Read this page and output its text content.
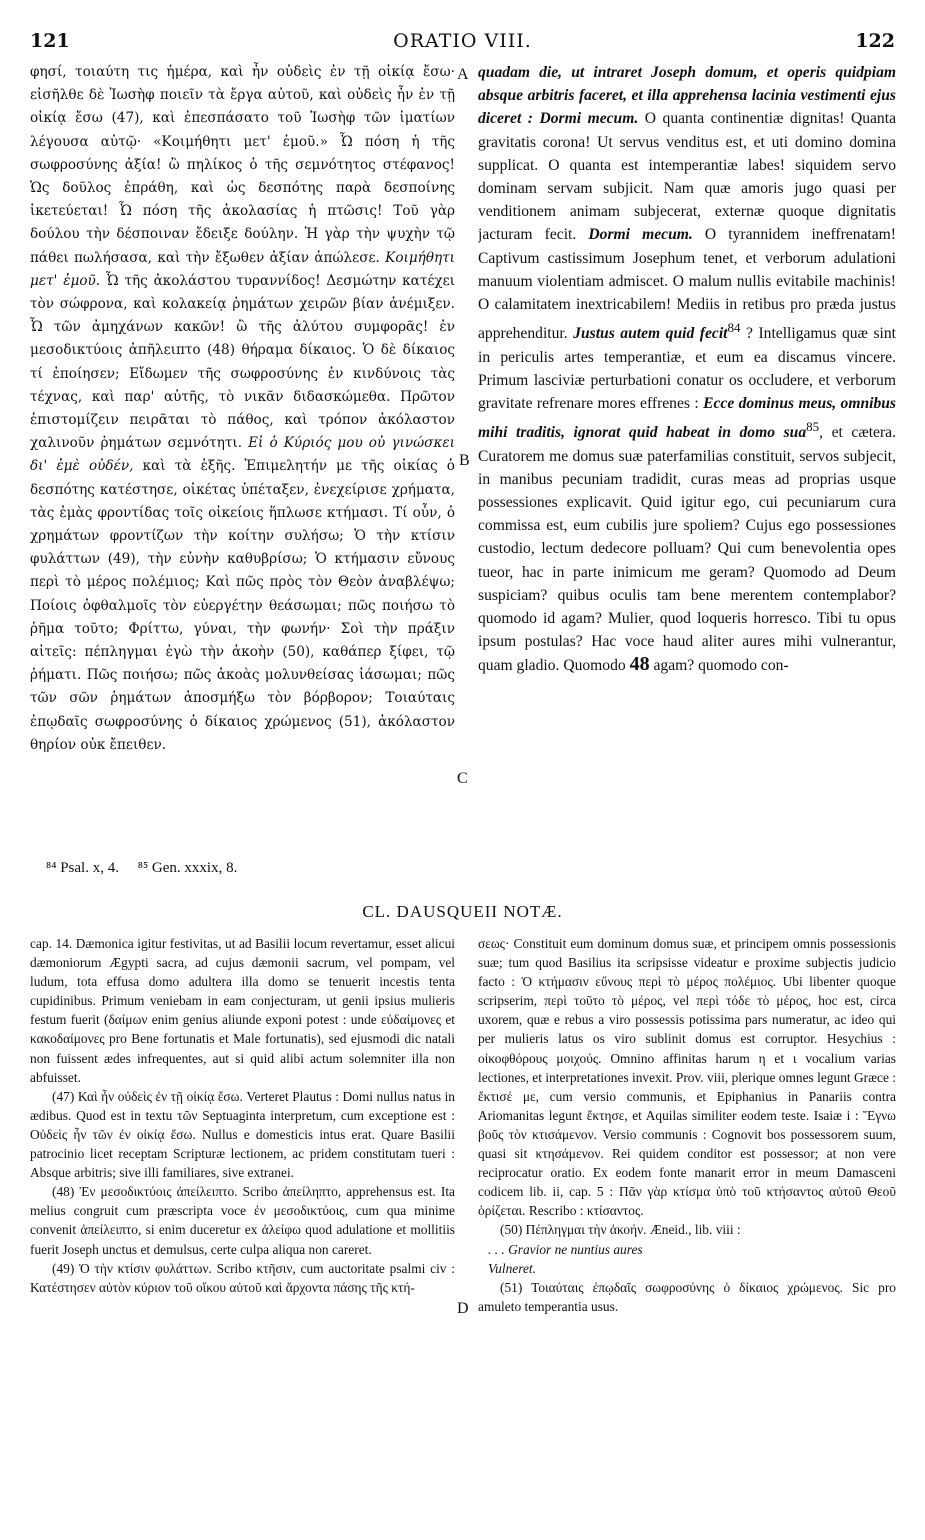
121	ORATIO VIII.	122

φησί, τοιαύτη τις ἡμέρα, καὶ ἦν οὐδεὶς ἐν τῇ οἰκίᾳ ἔσω· εἰσῆλθε δὲ Ἰωσὴφ ποιεῖν τὰ ἔργα αὐτοῦ, καὶ οὐδεὶς ἦν ἐν τῇ οἰκίᾳ ἔσω (47), καὶ ἐπεσπάσατο τοῦ Ἰωσὴφ τῶν ἱματίων λέγουσα αὐτῷ· «Κοιμήθητι μετ' ἐμοῦ.» Ὦ πόση ἡ τῆς σωφροσύνης ἀξία! ὢ πηλίκος ὁ τῆς σεμνότητος στέφανος! Ὡς δοῦλος ἐπράθη, καὶ ὡς δεσπότης παρὰ δεσποίνης ἱκετεύεται! Ὦ πόση τῆς ἀκολασίας ἡ πτῶσις! Τοῦ γὰρ δούλου τὴν δέσποιναν ἔδειξε δούλην. Ἡ γὰρ τὴν ψυχὴν τῷ πάθει πωλήσασα, καὶ τὴν ἔξωθεν ἀξίαν ἀπώλεσε. Κοιμήθητι μετ' ἐμοῦ. Ὦ τῆς ἀκολάστου τυραννίδος! Δεσμώτην κατέχει τὸν σώφρονα, καὶ κολακείᾳ ῥημάτων χειρῶν βίαν ἀνέμιξεν. Ὦ τῶν ἀμηχάνων κακῶν! ὢ τῆς ἀλύτου συμφορᾶς! ἐν μεσοδικτύοις ἀπῆλειπτο (48) θήραμα δίκαιος. Ὁ δὲ δίκαιος τί ἐποίησεν; Εἴδωμεν τῆς σωφροσύνης ἐν κινδύνοις τὰς τέχνας, καὶ παρ' αὐτῆς, τὸ νικᾶν διδασκώμεθα. Πρῶτον ἐπιστομίζειν πειρᾶται τὸ πάθος, καὶ τρόπον ἀκόλαστον χαλινοῦν ῥημάτων σεμνότητι. Εἰ ὁ Κύριός μου οὐ γινώσκει δι' ἐμὲ οὐδέν, καὶ τὰ ἑξῆς. Ἐπιμελητήν με τῆς οἰκίας ὁ δεσπότης κατέστησε, οἰκέτας ὑπέταξεν, ἐνεχείρισε χρήματα, τὰς ἐμὰς φροντίδας τοῖς οἰκείοις ἥπλωσε κτήμασι. Τί οὖν, ὁ χρημάτων φροντίζων τὴν κοίτην συλήσω; Ὁ τὴν κτίσιν φυλάττων (49), τὴν εὐνὴν καθυβρίσω; Ὁ κτήμασιν εὔνους περὶ τὸ μέρος πολέμιος; Καὶ πῶς πρὸς τὸν Θεὸν ἀναβλέψω; Ποίοις ὀφθαλμοῖς τὸν εὐεργέτην θεάσωμαι; πῶς ποιήσω τὸ ῥῆμα τοῦτο; Φρίττω, γύναι, τὴν φωνήν· Σοὶ τὴν πράξιν αἰτεῖς: πέπληγμαι ἐγὼ τὴν ἀκοὴν (50), καθάπερ ξίφει, τῷ ῥήματι. Πῶς ποιήσω; πῶς ἀκοὰς μολυνθείσας ἰάσωμαι; πῶς τῶν σῶν ῥημάτων ἀποσμήξω τὸν βόρβορον; Τοιαύταις ἐπῳδαῖς σωφροσύνης ὁ δίκαιος χρώμενος (51), ἀκόλαστον θηρίον οὐκ ἔπειθεν.

A
B
C
D

quadam die, ut intraret Joseph domum, et operis quidpiam absque arbitris faceret, et illa apprehensa lacinia vestimenti ejus diceret : Dormi mecum. O quanta continentiæ dignitas! Quanta gravitatis corona! Ut servus venditus est, et uti domino domina supplicat. O quanta est intemperantiæ labes! siquidem servo dominam servam subjicit. Nam quæ amoris jugo quasi per venditionem animam subjecerat, externæ quoque dignitatis jacturam fecit. Dormi mecum. O tyrannidem ineffrenatam! Captivum castissimum Josephum tenet, et verborum adulationi manuum violentiam admiscet. O malum nullis evitabile machinis! O calamitatem inextricabilem! Mediis in retibus pro præda justus apprehenditur. Justus autem quid fecit$^{84}$ ? Intelligamus quæ sint in periculis artes temperantiæ, et eum ea discamus vincere. Primum lasciviæ perturbationi conatur os occludere, et verborum gravitate refrenare mores effrenes : Ecce dominus meus, omnibus mihi traditis, ignorat quid habeat in domo sua$^{85}$, et cætera. Curatorem me domus suæ paterfamilias constituit, servos subjecit, in manibus pecuniam tradidit, curas meas ad proprias usque possessiones explicavit. Quid igitur ego, cui pecuniarum cura commissa est, eum cubilis jure spoliem? Cujus ego possessiones custodio, lectum dedecore polluam? Qui cum benevolentia opes tueor, hac in parte inimicum me geram? Quomodo ad Deum suspiciam? quibus oculis tam bene merentem contemplabor? quomodo id agam? Mulier, quod loqueris horresco. Tibi tu opus ipsum postulas? Hac voce haud aliter aures mihi vulnerantur, quam gladio. Quomodo 48 agam? quomodo con-

⁸⁴ Psal. x, 4. ⁸⁵ Gen. xxxix, 8.
CL. DAUSQUEII NOTÆ.

cap. 14. Dæmonica igitur festivitas, ut ad Basilii locum revertamur, esset alicui dæmoniorum Ægypti sacra, ad cujus dæmonii sacrum, vel pompam, vel ludum, tota effusa domo adultera illa domo se tenuerit incestis tenta cupidinibus. Primum veniebam in eam conjecturam, ut genii ipsius mulieris festum fuerit (δαίμων enim genius aliunde exponi potest : unde εὐδαίμονες et κακοδαίμονες pro Bene fortunatis et Male fortunatis), sed ejusmodi dic natali non fuissent ædes infrequentes, aut si quid alibi actum solemniter illa non abfuisset.

(47) Καὶ ἦν οὐδεὶς ἐν τῇ οἰκίᾳ ἔσω. Verteret Plautus : Domi nullus natus in ædibus. Quod est in textu τῶν Septuaginta interpretum, cum exceptione est : Οὐδεὶς ἦν τῶν ἐν οἰκίᾳ ἔσω. Nullus e domesticis intus erat. Quare Basilii patrocinio licet receptam Scripturæ lectionem, ac pridem constitutam tueri : Absque arbitris; sive illi familiares, sive extranei.

(48) Ἐν μεσοδικτύοις ἀπείλειπτο. Scribo ἀπείληπτο, apprehensus est. Ita melius congruit cum præscripta voce ἐν μεσοδικτύοις, cum qua minime convenit ἀπείλειπτο, si enim duceretur ex ἀλείφω quod adulatione et mollitiis fuerit Joseph unctus et demulsus, certe culpa aliqua non careret.

(49) Ὁ τὴν κτίσιν φυλάττων. Scribo κτῆσιν, cum auctoritate psalmi civ : Κατέστησεν αὐτὸν κύριον τοῦ οἴκου αὐτοῦ καὶ ἄρχοντα πάσης τῆς κτή-

σεως· Constituit eum dominum domus suæ, et principem omnis possessionis suæ; tum quod Basilius ita scripsisse videatur e proxime subjectis judicio facto : Ὁ κτήμασιν εὔνους περὶ τὸ μέρος πολέμιος. Ubi libenter quoque scripserim, περὶ τοῦτο τὸ μέρος, vel περὶ τόδε τὸ μέρος, hoc est, circa uxorem, quæ e rebus a viro possessis potissima pars numeratur, ac ideo qui per mulieris latus os viro sublinit domus est corruptor. Hesychius : οἰκοφθόρους μοιχούς. Omnino affinitas harum η et ι vocalium varias lectiones, et interpretationes invexit. Prov. viii, plerique omnes legunt Græce : ἔκτισέ με, cum versio communis, et Epiphanius in Panariis contra Ariomanitas legunt ἔκτησε, et Aquilas similiter eodem teste. Isaiæ i : Ἔγνω βοῦς τὸν κτισάμενον. Versio communis : Cognovit bos possessorem suum, quasi sit κτησάμενον. Rei quidem conditor est possessor; at non vere reciprocatur oratio. Ex eodem fonte manarit error in meum Damasceni codicem lib. ii, cap. 5 : Πᾶν γὰρ κτίσμα ὑπὸ τοῦ κτήσαντος αὐτοῦ Θεοῦ ὁρίζεται. Rescribo : κτίσαντος.

(50) Πέπληγμαι τὴν ἀκοήν. Æneid., lib. viii :

. . . Gravior ne nuntius aures

Vulneret.

(51) Τοιαύταις ἐπῳδαῖς σωφροσύνης ὁ δίκαιος χρώμενος. Sic pro amuleto temperantia usus.
